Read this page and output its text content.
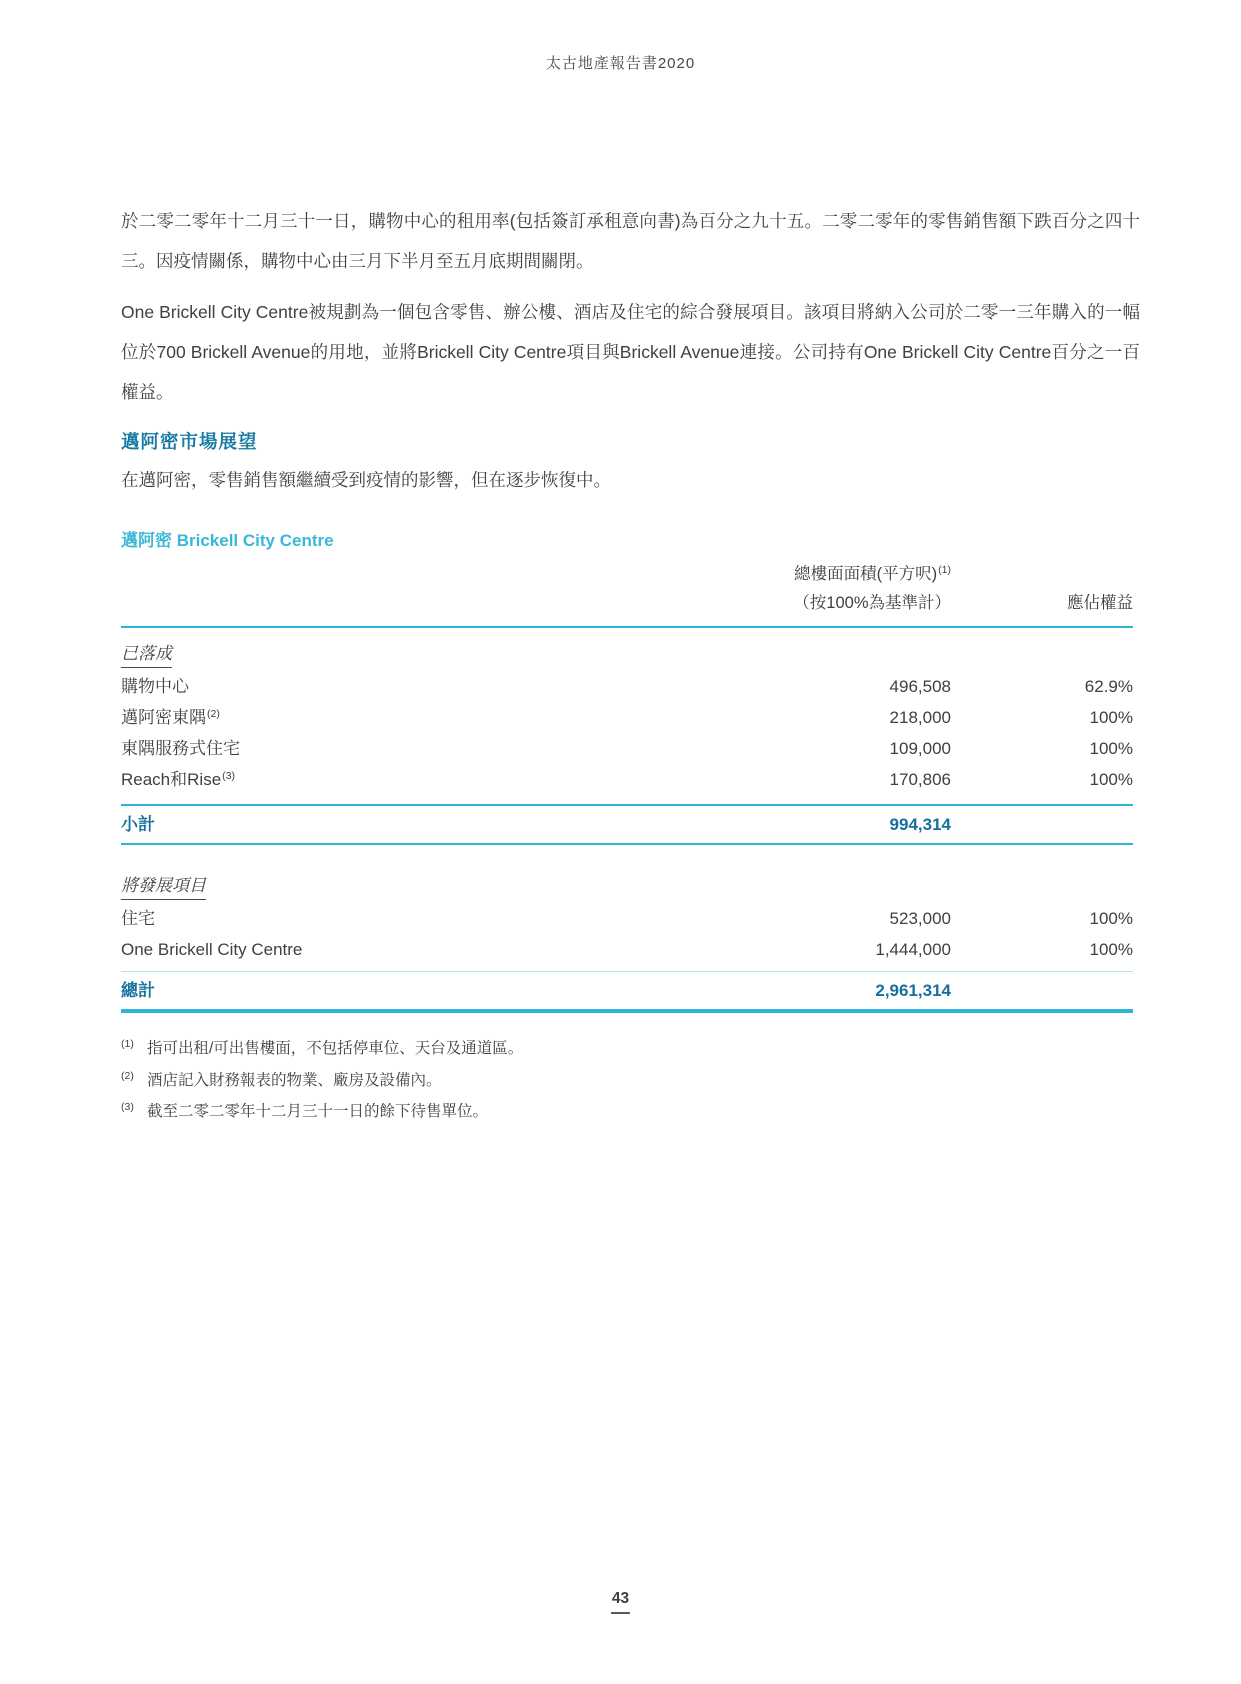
太古地產報告書2020

於二零二零年十二月三十一日，購物中心的租用率(包括簽訂承租意向書)為百分之九十五。二零二零年的零售銷售額下跌百分之四十三。因疫情關係，購物中心由三月下半月至五月底期間關閉。

One Brickell City Centre被規劃為一個包含零售、辦公樓、酒店及住宅的綜合發展項目。該項目將納入公司於二零一三年購入的一幅位於700 Brickell Avenue的用地，並將Brickell City Centre項目與Brickell Avenue連接。公司持有One Brickell City Centre百分之一百權益。

邁阿密市場展望

在邁阿密，零售銷售額繼續受到疫情的影響，但在逐步恢復中。

邁阿密 Brickell City Centre
總樓面面積(平方呎)$^{(1)}$
（按100%為基準計）	應佔權益
已落成
購物中心	496,508	62.9%
邁阿密東隅$^{(2)}$	218,000	100%
東隅服務式住宅	109,000	100%
Reach和Rise$^{(3)}$	170,806	100%
小計	994,314
將發展項目
住宅	523,000	100%
One Brickell City Centre	1,444,000	100%
總計	2,961,314
(1) 指可出租/可出售樓面，不包括停車位、天台及通道區。
(2) 酒店記入財務報表的物業、廠房及設備內。
(3) 截至二零二零年十二月三十一日的餘下待售單位。
43
